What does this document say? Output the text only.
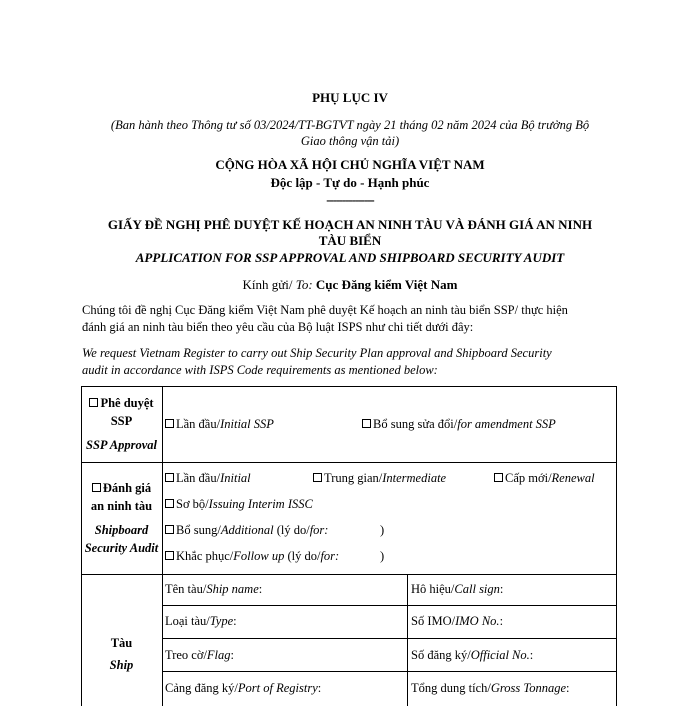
PHỤ LỤC IV
(Ban hành theo Thông tư số 03/2024/TT-BGTVT ngày 21 tháng 02 năm 2024 của Bộ trưởng Bộ
Giao thông vận tải)
CỘNG HÒA XÃ HỘI CHỦ NGHĨA VIỆT NAM
Độc lập - Tự do - Hạnh phúc
---------------
GIẤY ĐỀ NGHỊ PHÊ DUYỆT KẾ HOẠCH AN NINH TÀU VÀ ĐÁNH GIÁ AN NINH
TÀU BIỂN
APPLICATION FOR SSP APPROVAL AND SHIPBOARD SECURITY AUDIT
Kính gửi/ To: Cục Đăng kiểm Việt Nam
Chúng tôi đề nghị Cục Đăng kiểm Việt Nam phê duyệt Kế hoạch an ninh tàu biển SSP/ thực hiện
đánh giá an ninh tàu biển theo yêu cầu của Bộ luật ISPS như chi tiết dưới đây:
We request Vietnam Register to carry out Ship Security Plan approval and Shipboard Security
audit in accordance with ISPS Code requirements as mentioned below:
Phê duyệt
SSP
SSP Approval
Lần đầu/Initial SSP	Bổ sung sửa đổi/for amendment SSP
Đánh giá
an ninh tàu
Shipboard
Security Audit
Lần đầu/Initial	Trung gian/Intermediate	Cấp mới/Renewal
Sơ bộ/Issuing Interim ISSC
Bổ sung/Additional (lý do/for:	)
Khắc phục/Follow up (lý do/for:	)
Tàu
Ship
Tên tàu/Ship name:	Hô hiệu/Call sign:
Loại tàu/Type:	Số IMO/IMO No.:
Treo cờ/Flag:	Số đăng ký/Official No.:
Cảng đăng ký/Port of Registry:	Tổng dung tích/Gross Tonnage:
